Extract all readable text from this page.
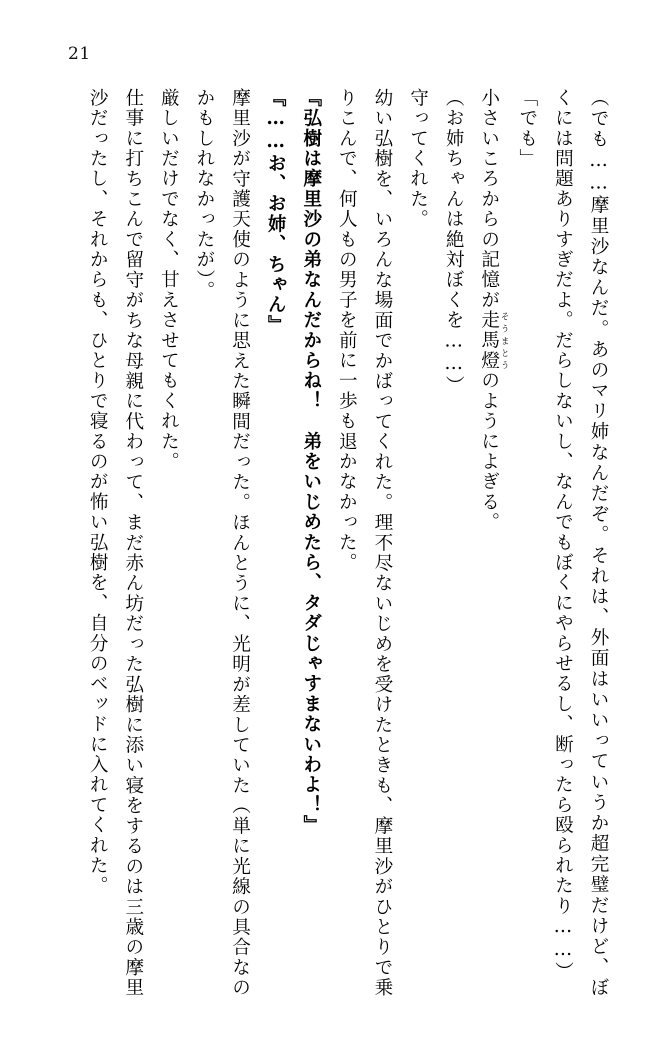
21

（でも……摩里沙なんだ。あのマリ姉なんだぞ。それは、外面はいいっていうか超完璧だけど、ぼくには問題ありすぎだよ。だらしないし、なんでもぼくにやらせるし、断ったら殴られたり……）

「でも」

小さいころからの記憶が走馬燈 そうまとうのようによぎる。

（お姉ちゃんは絶対ぼくを……）

守ってくれた。

幼い弘樹を、いろんな場面でかばってくれた。理不尽ないじめを受けたときも、摩里沙がひとりで乗りこんで、何人もの男子を前に一歩も退かなかった。

『弘樹は摩里沙の弟なんだからね！　弟をいじめたら、タダじゃすまないわよ！』

『……お、お姉、ちゃん』

摩里沙が守護天使のように思えた瞬間だった。ほんとうに、光明が差していた（単に光線の具合なのかもしれなかったが）。

厳しいだけでなく、甘えさせてもくれた。

仕事に打ちこんで留守がちな母親に代わって、まだ赤ん坊だった弘樹に添い寝をするのは三歳の摩里沙だったし、それからも、ひとりで寝るのが怖い弘樹を、自分のベッドに入れてくれた。
